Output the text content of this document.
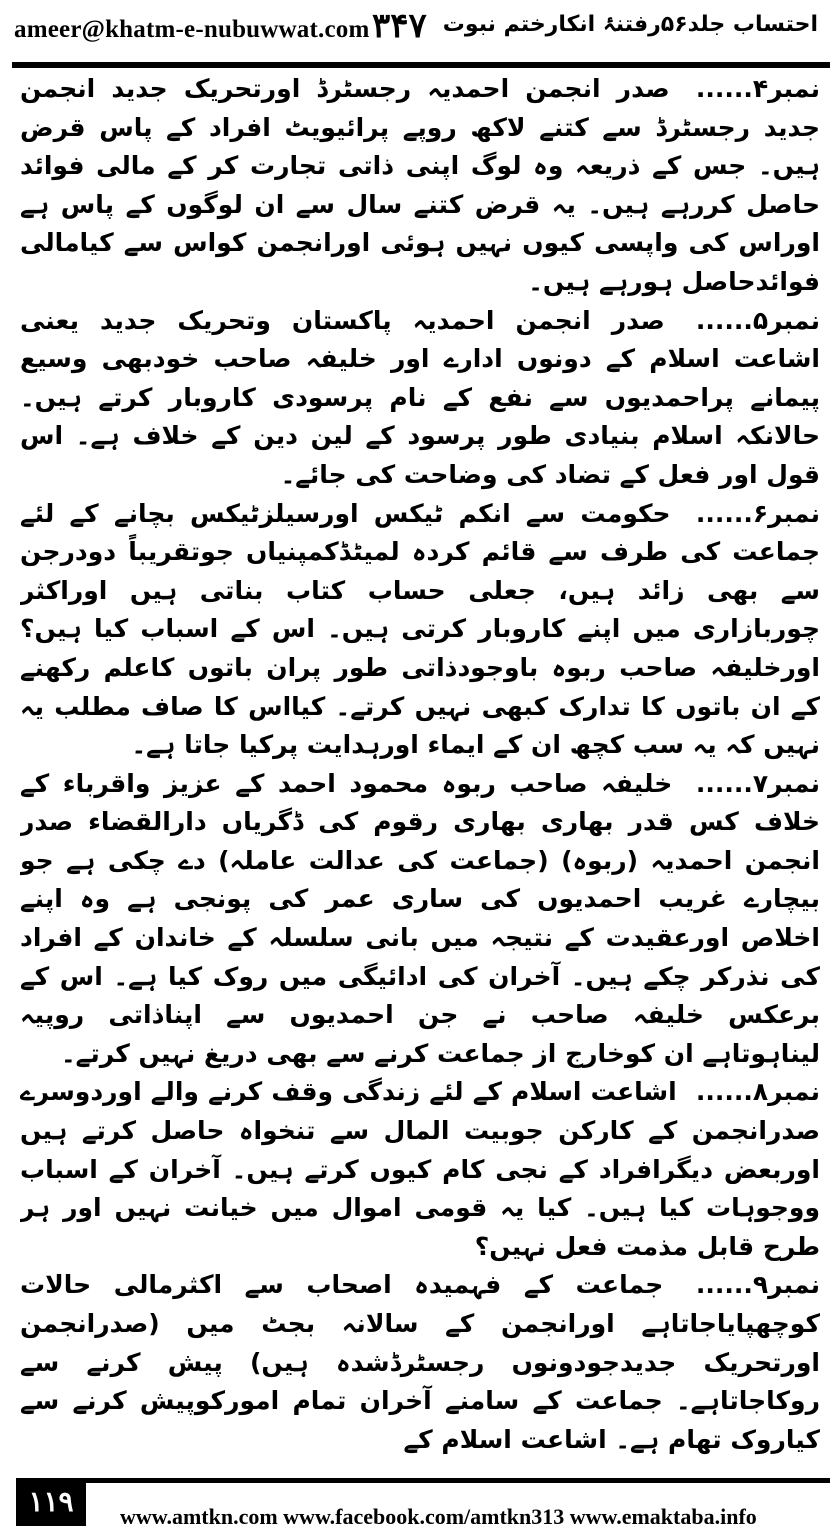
ameer@khatm-e-nubuwwat.com ۳۴۷ احتساب جلد۵۶رفتنۂ انکارختم نبوت

نمبر۴...... صدر انجمن احمدیہ رجسٹرڈ اورتحریک جدید انجمن جدید رجسٹرڈ سے کتنے لاکھ روپے پرائیویٹ افراد کے پاس قرض ہیں۔ جس کے ذریعہ وہ لوگ اپنی ذاتی تجارت کر کے مالی فوائد حاصل کررہے ہیں۔ یہ قرض کتنے سال سے ان لوگوں کے پاس ہے اوراس کی واپسی کیوں نہیں ہوئی اورانجمن کواس سے کیامالی فوائدحاصل ہورہے ہیں۔

نمبر۵...... صدر انجمن احمدیہ پاکستان وتحریک جدید یعنی اشاعت اسلام کے دونوں ادارے اور خلیفہ صاحب خودبھی وسیع پیمانے پراحمدیوں سے نفع کے نام پرسودی کاروبار کرتے ہیں۔ حالانکہ اسلام بنیادی طور پرسود کے لین دین کے خلاف ہے۔ اس قول اور فعل کے تضاد کی وضاحت کی جائے۔

نمبر۶...... حکومت سے انکم ٹیکس اورسیلزٹیکس بچانے کے لئے جماعت کی طرف سے قائم کردہ لمیٹڈکمپنیاں جوتقریباً دودرجن سے بھی زائد ہیں، جعلی حساب کتاب بناتی ہیں اوراکثر چوربازاری میں اپنے کاروبار کرتی ہیں۔ اس کے اسباب کیا ہیں؟ اورخلیفہ صاحب ربوہ باوجودذاتی طور پران باتوں کاعلم رکھنے کے ان باتوں کا تدارک کبھی نہیں کرتے۔ کیااس کا صاف مطلب یہ نہیں کہ یہ سب کچھ ان کے ایماء اورہدایت پرکیا جاتا ہے۔

نمبر۷...... خلیفہ صاحب ربوہ محمود احمد کے عزیز واقرباء کے خلاف کس قدر بھاری بھاری رقوم کی ڈگریاں دارالقضاء صدر انجمن احمدیہ (ربوہ) (جماعت کی عدالت عاملہ) دے چکی ہے جو بیچارے غریب احمدیوں کی ساری عمر کی پونجی ہے وہ اپنے اخلاص اورعقیدت کے نتیجہ میں بانی سلسلہ کے خاندان کے افراد کی نذرکر چکے ہیں۔ آخران کی ادائیگی میں روک کیا ہے۔ اس کے برعکس خلیفہ صاحب نے جن احمدیوں سے اپناذاتی روپیہ لیناہوتاہے ان کوخارج از جماعت کرنے سے بھی دریغ نہیں کرتے۔

نمبر۸...... اشاعت اسلام کے لئے زندگی وقف کرنے والے اوردوسرے صدرانجمن کے کارکن جوبیت المال سے تنخواہ حاصل کرتے ہیں اوربعض دیگرافراد کے نجی کام کیوں کرتے ہیں۔ آخران کے اسباب ووجوہات کیا ہیں۔ کیا یہ قومی اموال میں خیانت نہیں اور ہر طرح قابل مذمت فعل نہیں؟

نمبر۹...... جماعت کے فہمیدہ اصحاب سے اکثرمالی حالات کوچھپایاجاتاہے اورانجمن کے سالانہ بجٹ میں (صدرانجمن اورتحریک جدیدجودونوں رجسٹرڈشدہ ہیں) پیش کرنے سے روکاجاتاہے۔ جماعت کے سامنے آخران تمام امورکوپیش کرنے سے کیاروک تھام ہے۔ اشاعت اسلام کے

۱۱۹	www.amtkn.com www.facebook.com/amtkn313 www.emaktaba.info
